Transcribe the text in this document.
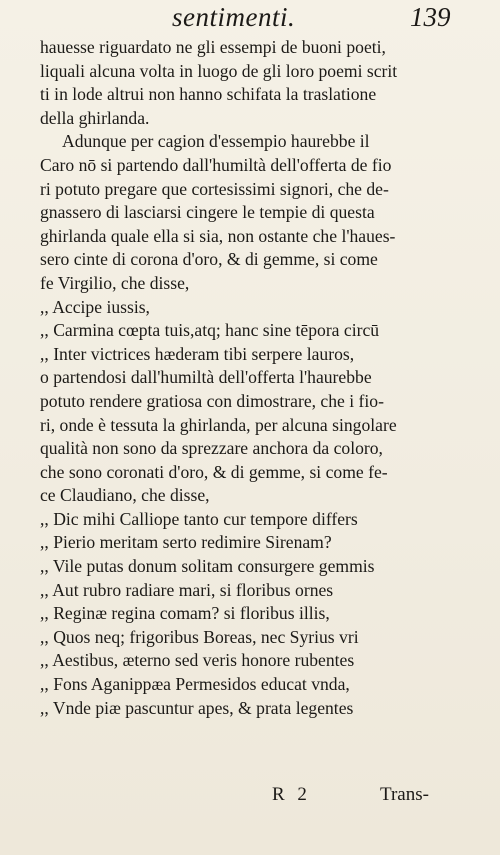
sentimenti.	139
hauesse riguardato ne gli essempi de buoni poeti,
liquali alcuna volta in luogo de gli loro poemi scrit
ti in lode altrui non hanno schifata la traslatione
della ghirlanda.
Adunque per cagion d'essempio haurebbe il
Caro nō si partendo dall'humiltà dell'offerta de fio
ri potuto pregare que cortesissimi signori, che de-
gnassero di lasciarsi cingere le tempie di questa
ghirlanda quale ella si sia, non ostante che l'haues-
sero cinte di corona d'oro, & di gemme, si come
fe Virgilio, che disse,
,, Accipe iussis,
,, Carmina cœpta tuis,atq; hanc sine tēpora circū
,, Inter victrices hæderam tibi serpere lauros,
o partendosi dall'humiltà dell'offerta l'haurebbe
potuto rendere gratiosa con dimostrare, che i fio-
ri, onde è tessuta la ghirlanda, per alcuna singolare
qualità non sono da sprezzare anchora da coloro,
che sono coronati d'oro, & di gemme, si come fe-
ce Claudiano, che disse,
,, Dic mihi Calliope tanto cur tempore differs
,, Pierio meritam serto redimire Sirenam?
,, Vile putas donum solitam consurgere gemmis
,, Aut rubro radiare mari, si floribus ornes
,, Reginæ regina comam? si floribus illis,
,, Quos neq; frigoribus Boreas, nec Syrius vri
,, Aestibus, æterno sed veris honore rubentes
,, Fons Aganippæa Permesidos educat vnda,
,, Vnde piæ pascuntur apes, & prata legentes
R 2	Trans-
